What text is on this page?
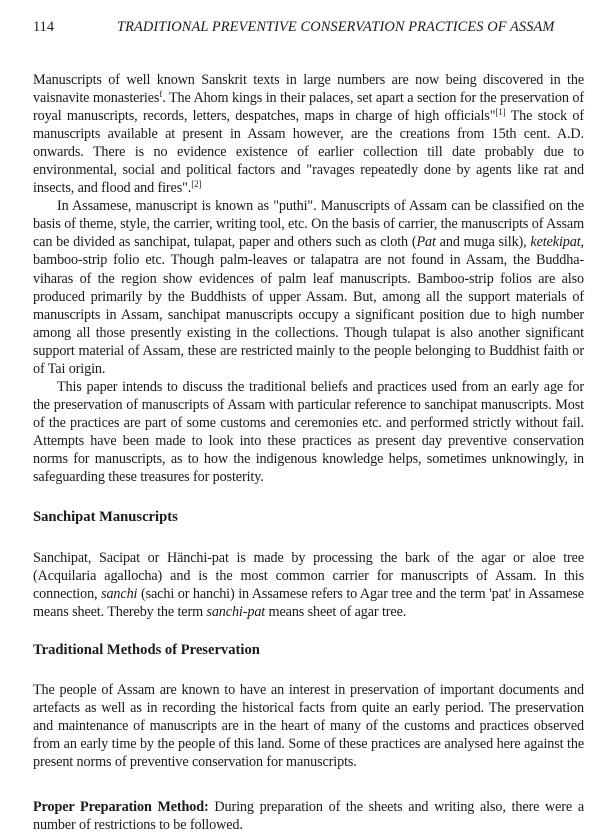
114	TRADITIONAL PREVENTIVE CONSERVATION PRACTICES OF ASSAM

Manuscripts of well known Sanskrit texts in large numbers are now being discovered in the vaisnavite monasteries$^f$. The Ahom kings in their palaces, set apart a section for the preservation of royal manuscripts, records, letters, despatches, maps in charge of high officials"[1] The stock of manuscripts available at present in Assam however, are the creations from 15th cent. A.D. onwards. There is no evidence existence of earlier collection till date probably due to environmental, social and political factors and "ravages repeatedly done by agents like rat and insects, and flood and fires".[2]

In Assamese, manuscript is known as "puthi". Manuscripts of Assam can be classified on the basis of theme, style, the carrier, writing tool, etc. On the basis of carrier, the manuscripts of Assam can be divided as sanchipat, tulapat, paper and others such as cloth (Pat and muga silk), ketekipat, bamboo-strip folio etc. Though palm-leaves or talapatra are not found in Assam, the Buddha-viharas of the region show evidences of palm leaf manuscripts. Bamboo-strip folios are also produced primarily by the Buddhists of upper Assam. But, among all the support materials of manuscripts in Assam, sanchipat manuscripts occupy a significant position due to high number among all those presently existing in the collections. Though tulapat is also another significant support material of Assam, these are restricted mainly to the people belonging to Buddhist faith or of Tai origin.

This paper intends to discuss the traditional beliefs and practices used from an early age for the preservation of manuscripts of Assam with particular reference to sanchipat manuscripts. Most of the practices are part of some customs and ceremonies etc. and performed strictly without fail. Attempts have been made to look into these practices as present day preventive conservation norms for manuscripts, as to how the indigenous knowledge helps, sometimes unknowingly, in safeguarding these treasures for posterity.

Sanchipat Manuscripts

Sanchipat, Sacipat or Hänchi-pat is made by processing the bark of the agar or aloe tree (Acquilaria agallocha) and is the most common carrier for manuscripts of Assam. In this connection, sanchi (sachi or hanchi) in Assamese refers to Agar tree and the term 'pat' in Assamese means sheet. Thereby the term sanchi-pat means sheet of agar tree.

Traditional Methods of Preservation

The people of Assam are known to have an interest in preservation of important documents and artefacts as well as in recording the historical facts from quite an early period. The preservation and maintenance of manuscripts are in the heart of many of the customs and practices observed from an early time by the people of this land. Some of these practices are analysed here against the present norms of preventive conservation for manuscripts.

Proper Preparation Method: During preparation of the sheets and writing also, there were a number of restrictions to be followed.
